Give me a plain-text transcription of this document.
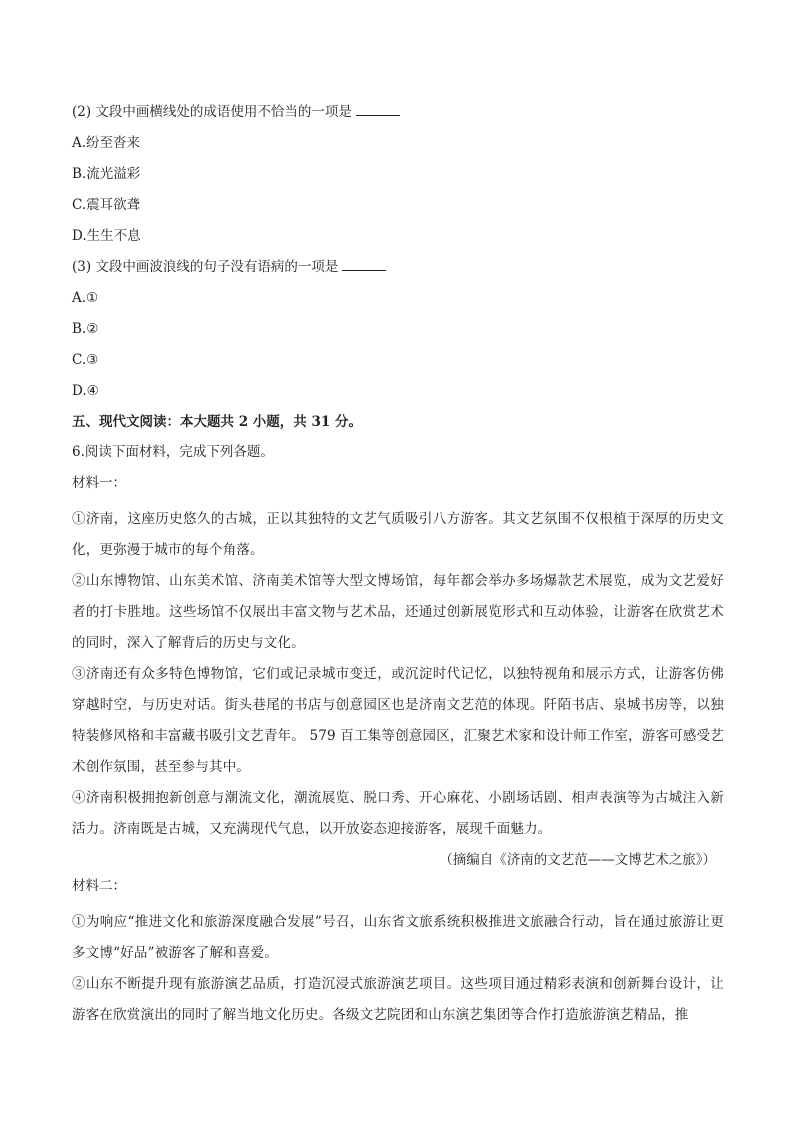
(2) 文段中画横线处的成语使用不恰当的一项是
A.纷至沓来
B.流光溢彩
C.震耳欲聋
D.生生不息
(3) 文段中画波浪线的句子没有语病的一项是
A.①
B.②
C.③
D.④
五、现代文阅读：本大题共 2 小题，共 31 分。
6.阅读下面材料，完成下列各题。
材料一：

①济南，这座历史悠久的古城，正以其独特的文艺气质吸引八方游客。其文艺氛围不仅根植于深厚的历史文化，更弥漫于城市的每个角落。

②山东博物馆、山东美术馆、济南美术馆等大型文博场馆，每年都会举办多场爆款艺术展览，成为文艺爱好者的打卡胜地。这些场馆不仅展出丰富文物与艺术品，还通过创新展览形式和互动体验，让游客在欣赏艺术的同时，深入了解背后的历史与文化。

③济南还有众多特色博物馆，它们或记录城市变迁，或沉淀时代记忆，以独特视角和展示方式，让游客仿佛穿越时空，与历史对话。街头巷尾的书店与创意园区也是济南文艺范的体现。阡陌书店、泉城书房等，以独特装修风格和丰富藏书吸引文艺青年。 579 百工集等创意园区，汇聚艺术家和设计师工作室，游客可感受艺术创作氛围，甚至参与其中。

④济南积极拥抱新创意与潮流文化，潮流展览、脱口秀、开心麻花、小剧场话剧、相声表演等为古城注入新活力。济南既是古城，又充满现代气息，以开放姿态迎接游客，展现千面魅力。

（摘编自《济南的文艺范——文博艺术之旅》）

材料二：

①为响应“推进文化和旅游深度融合发展”号召，山东省文旅系统积极推进文旅融合行动，旨在通过旅游让更多文博“好品”被游客了解和喜爱。

②山东不断提升现有旅游演艺品质，打造沉浸式旅游演艺项目。这些项目通过精彩表演和创新舞台设计，让游客在欣赏演出的同时了解当地文化历史。各级文艺院团和山东演艺集团等合作打造旅游演艺精品，推
